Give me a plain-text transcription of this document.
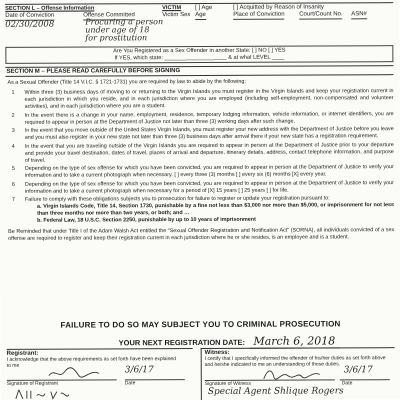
SECTION L – Offense Information	VICTIM [ ] Age	[ ] Acquitted by Reason of Insanity
Date of Conviction	Offense Committed	Victim Sex Age	Place of Conviction Court/Count No. ASN#
02/30/2008	Procuring a person
under age of 18
for prostitution
Are You Registered as a Sex Offender in another State: [ ] NO [ ] YES
If YES, which state: ____________________ & at what LEVEL ____
SECTION M – PLEASE READ CAREFULLY BEFORE SIGNING
As a Sexual Offender (Title 14 V.I.C. § 1721-1731) you are required by law to abide by the following:
1 Within three (3) business days of moving to or returning to the Virgin Islands you must register in the Virgin Islands and keep your registration current in each jurisdiction in which you reside, and in each jurisdiction where you are employed (including self-employment, non-compensated and volunteer activities), and in each jurisdiction where you are a student.
2 In the event there is a change in your name, employment, residence, temporary lodging information, vehicle information, or internet identifiers, you are required to appear in person at the Department of Justice not later than three (3) working days after such change.
3 In the event that you move outside of the United States Virgin Islands, you must register your new address with the Department of Justice before you leave and you must also register in your new state not later than three (3) business days after arrival there if your new state has a registration requirement.
4 In the event that you are traveling outside of the Virgin Islands you are required to appear in person at the Department of Justice prior to your departure and provide your travel destination, dates of travel, places of arrival and departure, itinerary details, address, contact telephone information, and purpose of travel.
5 Depending on the type of sex offense for which you have been convicted, you are required to appear in person at the Department of Justice to verify your information and to take a current photograph when necessary. [ ] every three (3) months [ ] every six (6) months [X] every year.
6 Depending on the type of sex offense for which you have been convicted, you are required to appear in person at the Department of Justice to verify your information and to take a current photograph when necessary for a period of [X] 15 years [ ] 25 years [ ] for life.
7 Failure to comply with these obligations subjects you to prosecution for failure to register or update your registration pursuant to:
a. Virgin Islands Code, Title 14, Section 1730, punishable by a fine not less than $3,000 nor more than $5,000, or imprisonment for not less than three months nor more than two years, or both; and …
b. Federal Law, 18 U.S.C. Section 2250, punishable by up to 10 years of imprisonment
Be Reminded that under Title I of the Adam Walsh Act entitled the “Sexual Offender Registration and Notification Act” (SORNA), all individuals convicted of a sex offense are required to register and keep their registration current in each jurisdiction where he or she resides, is an employee and is a student.
FAILURE TO DO SO MAY SUBJECT YOU TO CRIMINAL PROSECUTION
YOUR NEXT REGISTRATION DATE: March 6, 2018
Registrant:
I acknowledge that the above requirements as set forth have been explained to me	3/6/17
Signature of Registrant	Date
Witness:
I certify that I specifically informed the offender of his/her duties as set forth above and he/she indicated to me an understanding of those duties.
3/6/17
Signature of Witness	Date
Special Agent Shlique Rogers
